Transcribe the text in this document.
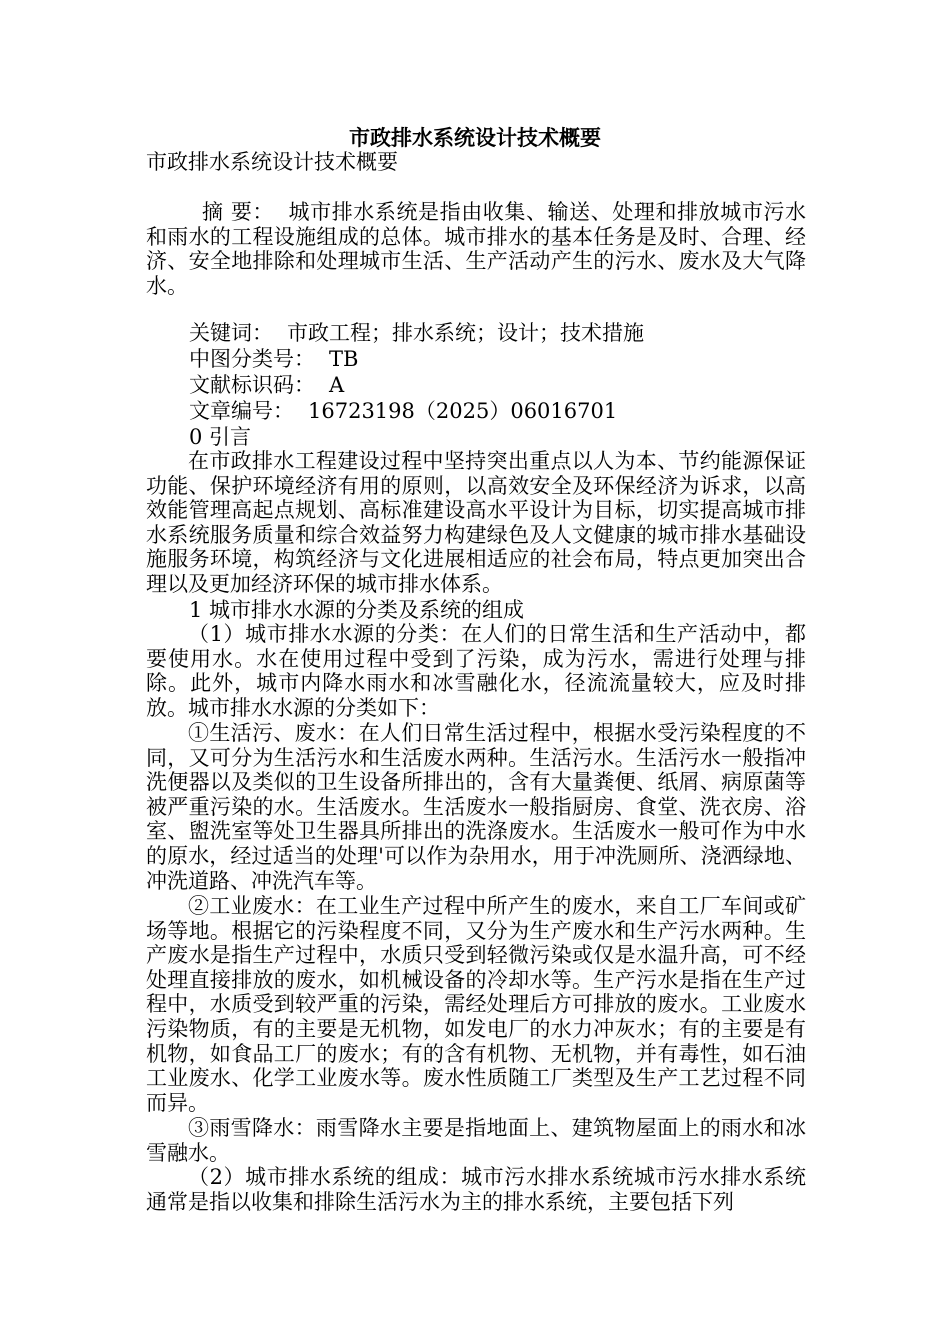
市政排水系统设计技术概要
市政排水系统设计技术概要

摘 要： 城市排水系统是指由收集、输送、处理和排放城市污水和雨水的工程设施组成的总体。城市排水的基本任务是及时、合理、经济、安全地排除和处理城市生活、生产活动产生的污水、废水及大气降水。

关键词： 市政工程；排水系统；设计；技术措施
中图分类号： TB
文献标识码： A
文章编号： 16723198（2025）06016701
0 引言

在市政排水工程建设过程中坚持突出重点以人为本、节约能源保证功能、保护环境经济有用的原则，以高效安全及环保经济为诉求，以高效能管理高起点规划、高标准建设高水平设计为目标，切实提高城市排水系统服务质量和综合效益努力构建绿色及人文健康的城市排水基础设施服务环境，构筑经济与文化进展相适应的社会布局，特点更加突出合理以及更加经济环保的城市排水体系。

1 城市排水水源的分类及系统的组成

（1）城市排水水源的分类：在人们的日常生活和生产活动中，都要使用水。水在使用过程中受到了污染，成为污水，需进行处理与排除。此外，城市内降水雨水和冰雪融化水，径流流量较大，应及时排放。城市排水水源的分类如下：

①生活污、废水：在人们日常生活过程中，根据水受污染程度的不同，又可分为生活污水和生活废水两种。生活污水。生活污水一般指冲洗便器以及类似的卫生设备所排出的，含有大量粪便、纸屑、病原菌等被严重污染的水。生活废水。生活废水一般指厨房、食堂、洗衣房、浴室、盥洗室等处卫生器具所排出的洗涤废水。生活废水一般可作为中水的原水，经过适当的处理'可以作为杂用水，用于冲洗厕所、浇洒绿地、冲洗道路、冲洗汽车等。

②工业废水：在工业生产过程中所产生的废水，来自工厂车间或矿场等地。根据它的污染程度不同，又分为生产废水和生产污水两种。生产废水是指生产过程中，水质只受到轻微污染或仅是水温升高，可不经处理直接排放的废水，如机械设备的冷却水等。生产污水是指在生产过程中，水质受到较严重的污染，需经处理后方可排放的废水。工业废水污染物质，有的主要是无机物，如发电厂的水力冲灰水；有的主要是有机物，如食品工厂的废水；有的含有机物、无机物，并有毒性，如石油工业废水、化学工业废水等。废水性质随工厂类型及生产工艺过程不同而异。

③雨雪降水：雨雪降水主要是指地面上、建筑物屋面上的雨水和冰雪融水。

（2）城市排水系统的组成：城市污水排水系统城市污水排水系统通常是指以收集和排除生活污水为主的排水系统，主要包括下列
